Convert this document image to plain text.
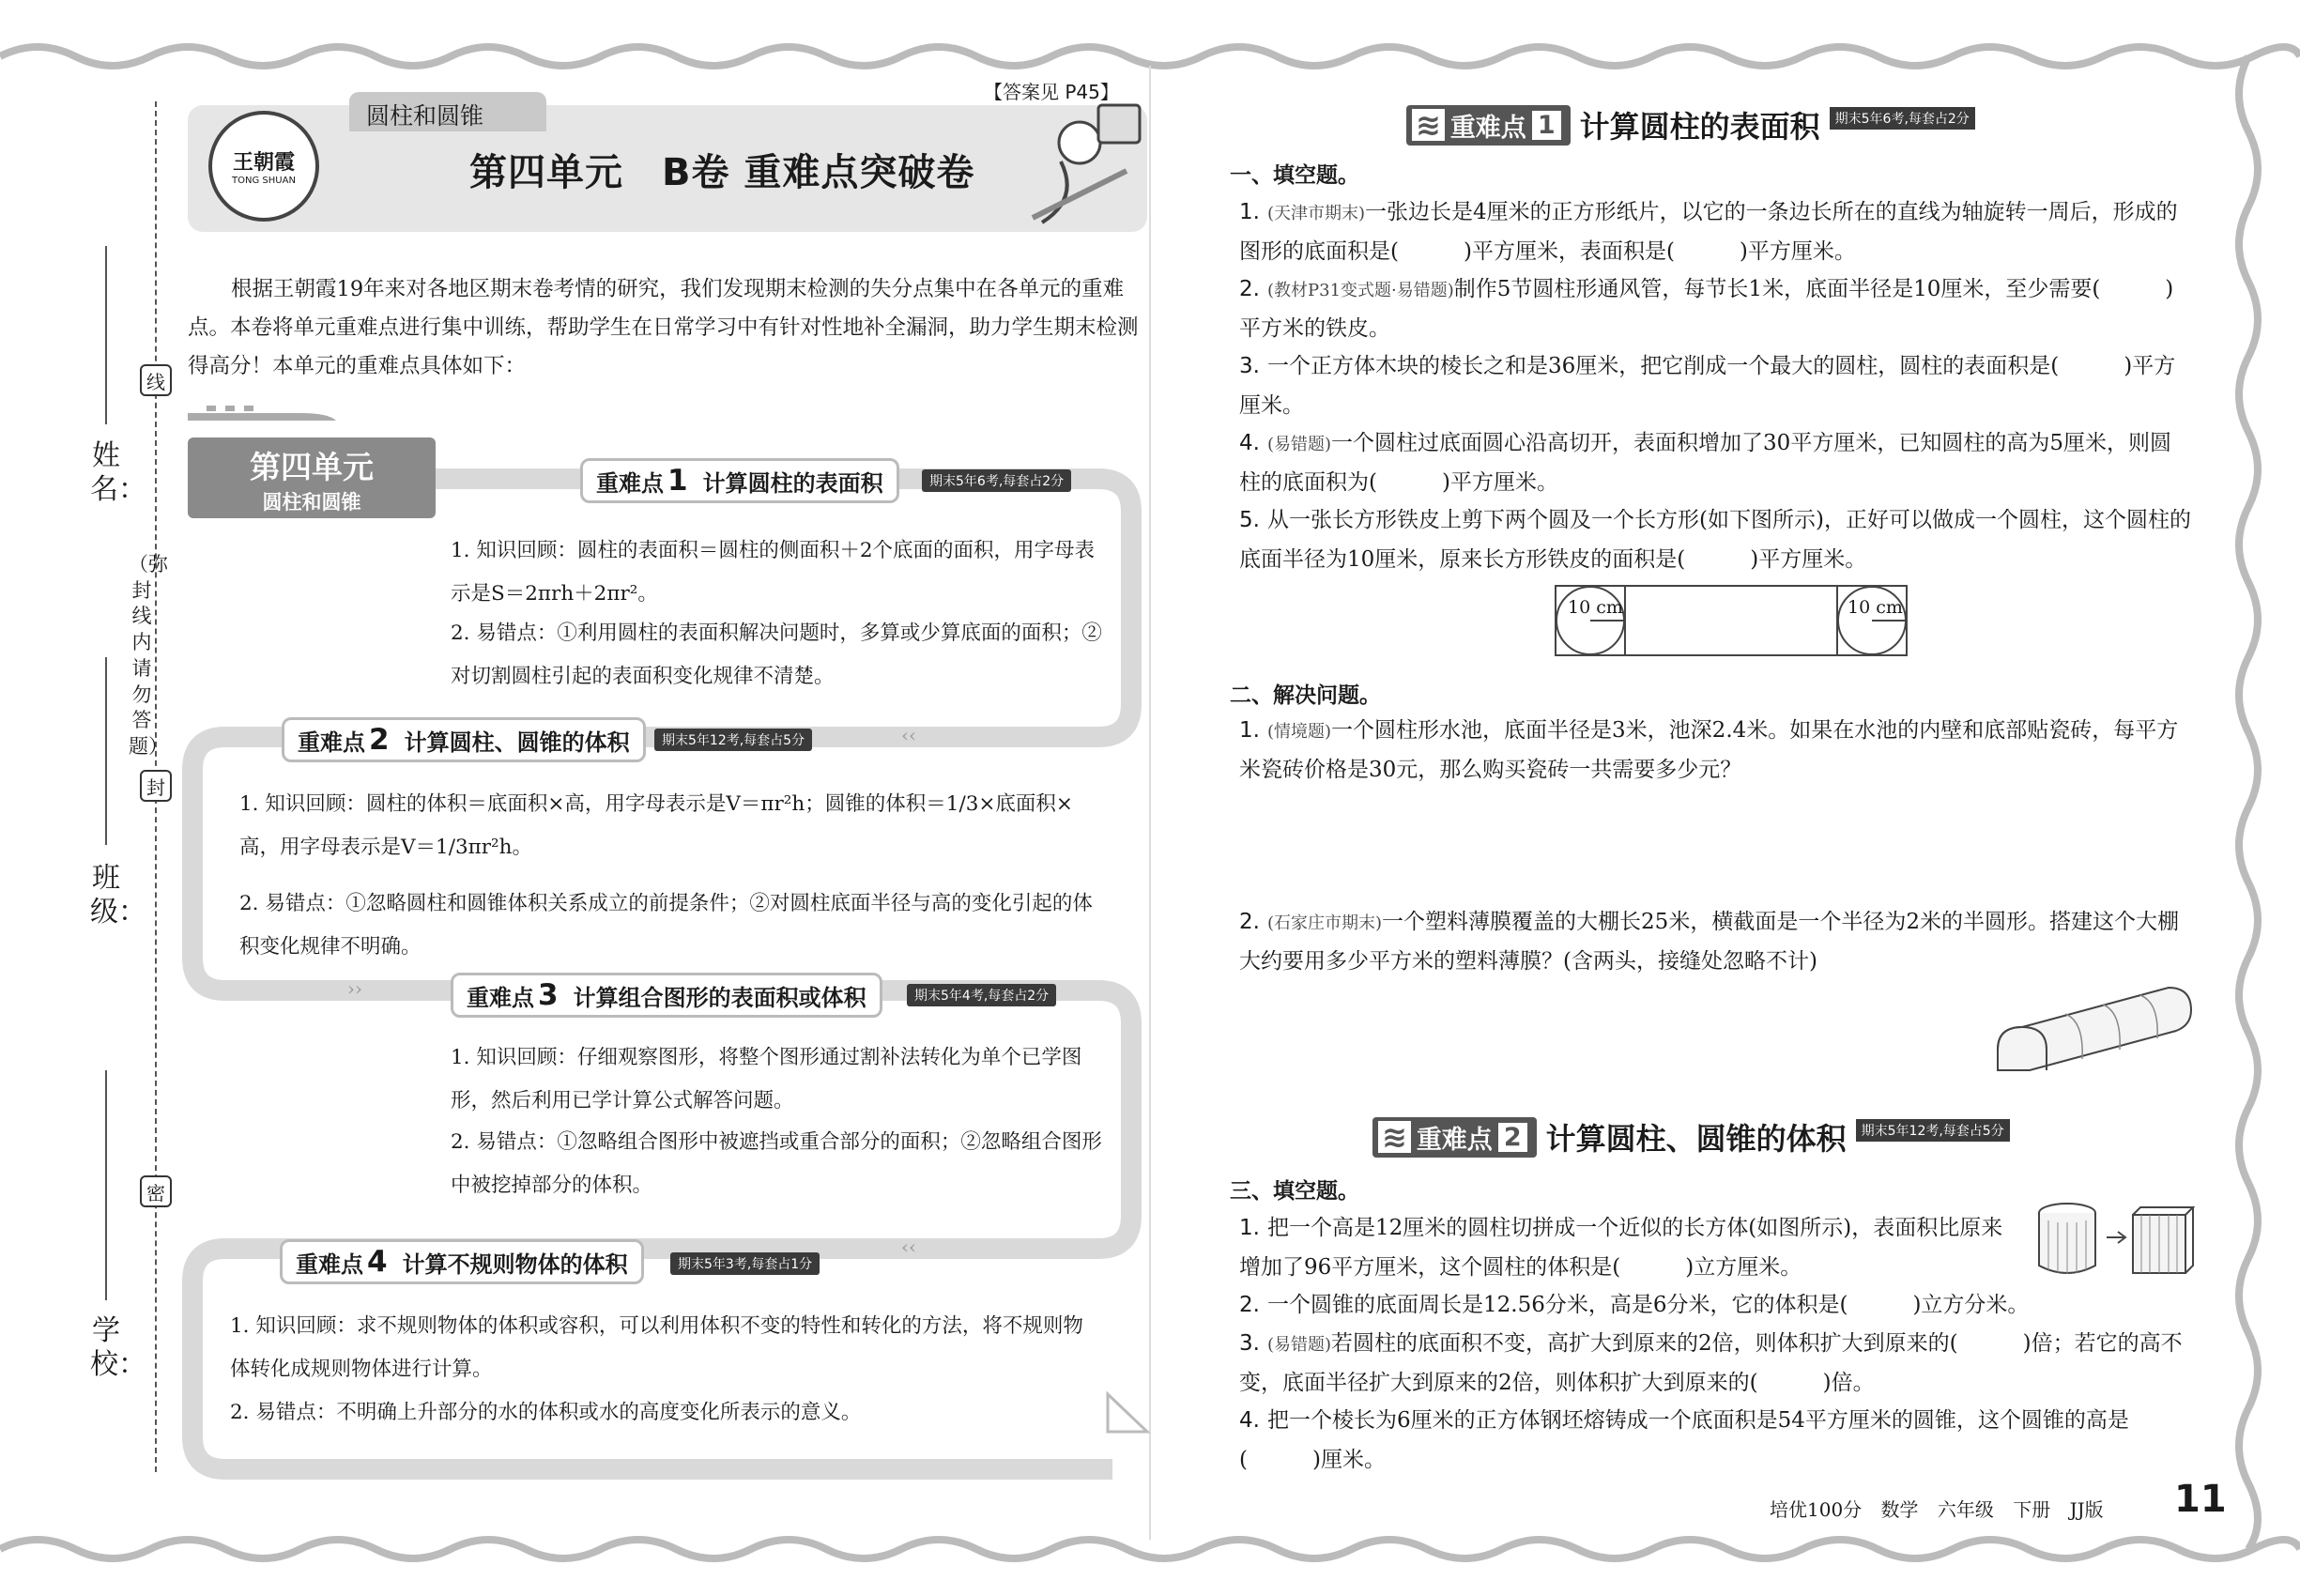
姓名：
线
（弥封线内请勿答题）
封
班级：
密
学校：
【答案见 P45】
圆柱和圆锥
王朝霞
TONG SHUAN	第四单元　B卷 重难点突破卷
根据王朝霞19年来对各地区期末卷考情的研究，我们发现期末检测的失分点集中在各单元的重难点。本卷将单元重难点进行集中训练，帮助学生在日常学习中有针对性地补全漏洞，助力学生期末检测得高分！本单元的重难点具体如下：
‹‹
››
‹‹
第四单元
圆柱和圆锥
重难点 1 计算圆柱的表面积	期末5年6考,每套占2分
1. 知识回顾：圆柱的表面积＝圆柱的侧面积＋2个底面的面积，用字母表示是S＝2πrh＋2πr²。
2. 易错点：①利用圆柱的表面积解决问题时，多算或少算底面的面积；②对切割圆柱引起的表面积变化规律不清楚。
重难点 2 计算圆柱、圆锥的体积	期末5年12考,每套占5分
1. 知识回顾：圆柱的体积＝底面积×高，用字母表示是V＝πr²h；圆锥的体积＝1/3×底面积×高，用字母表示是V＝1/3πr²h。
2. 易错点：①忽略圆柱和圆锥体积关系成立的前提条件；②对圆柱底面半径与高的变化引起的体积变化规律不明确。
重难点 3 计算组合图形的表面积或体积	期末5年4考,每套占2分
1. 知识回顾：仔细观察图形，将整个图形通过割补法转化为单个已学图形，然后利用已学计算公式解答问题。
2. 易错点：①忽略组合图形中被遮挡或重合部分的面积；②忽略组合图形中被挖掉部分的体积。
重难点 4 计算不规则物体的体积	期末5年3考,每套占1分
1. 知识回顾：求不规则物体的体积或容积，可以利用体积不变的特性和转化的方法，将不规则物体转化成规则物体进行计算。
2. 易错点：不明确上升部分的水的体积或水的高度变化所表示的意义。
≋ 重难点 1 计算圆柱的表面积	期末5年6考,每套占2分
一、填空题。
1. (天津市期末)一张边长是4厘米的正方形纸片，以它的一条边长所在的直线为轴旋转一周后，形成的图形的底面积是(　　　)平方厘米，表面积是(　　　)平方厘米。
2. (教材P31变式题·易错题)制作5节圆柱形通风管，每节长1米，底面半径是10厘米，至少需要(　　　)平方米的铁皮。
3. 一个正方体木块的棱长之和是36厘米，把它削成一个最大的圆柱，圆柱的表面积是(　　　)平方厘米。
4. (易错题)一个圆柱过底面圆心沿高切开，表面积增加了30平方厘米，已知圆柱的高为5厘米，则圆柱的底面积为(　　　)平方厘米。
5. 从一张长方形铁皮上剪下两个圆及一个长方形(如下图所示)，正好可以做成一个圆柱，这个圆柱的底面半径为10厘米，原来长方形铁皮的面积是(　　　)平方厘米。
10 cm	10 cm
二、解决问题。
1. (情境题)一个圆柱形水池，底面半径是3米，池深2.4米。如果在水池的内壁和底部贴瓷砖，每平方米瓷砖价格是30元，那么购买瓷砖一共需要多少元？
2. (石家庄市期末)一个塑料薄膜覆盖的大棚长25米，横截面是一个半径为2米的半圆形。搭建这个大棚大约要用多少平方米的塑料薄膜？(含两头，接缝处忽略不计)
≋ 重难点 2 计算圆柱、圆锥的体积	期末5年12考,每套占5分
三、填空题。
1. 把一个高是12厘米的圆柱切拼成一个近似的长方体(如图所示)，表面积比原来增加了96平方厘米，这个圆柱的体积是(　　　)立方厘米。
2. 一个圆锥的底面周长是12.56分米，高是6分米，它的体积是(　　　)立方分米。
3. (易错题)若圆柱的底面积不变，高扩大到原来的2倍，则体积扩大到原来的(　　　)倍；若它的高不变，底面半径扩大到原来的2倍，则体积扩大到原来的(　　　)倍。
4. 把一个棱长为6厘米的正方体钢坯熔铸成一个底面积是54平方厘米的圆锥，这个圆锥的高是(　　　)厘米。
培优100分 数学 六年级 下册 JJ版 11
